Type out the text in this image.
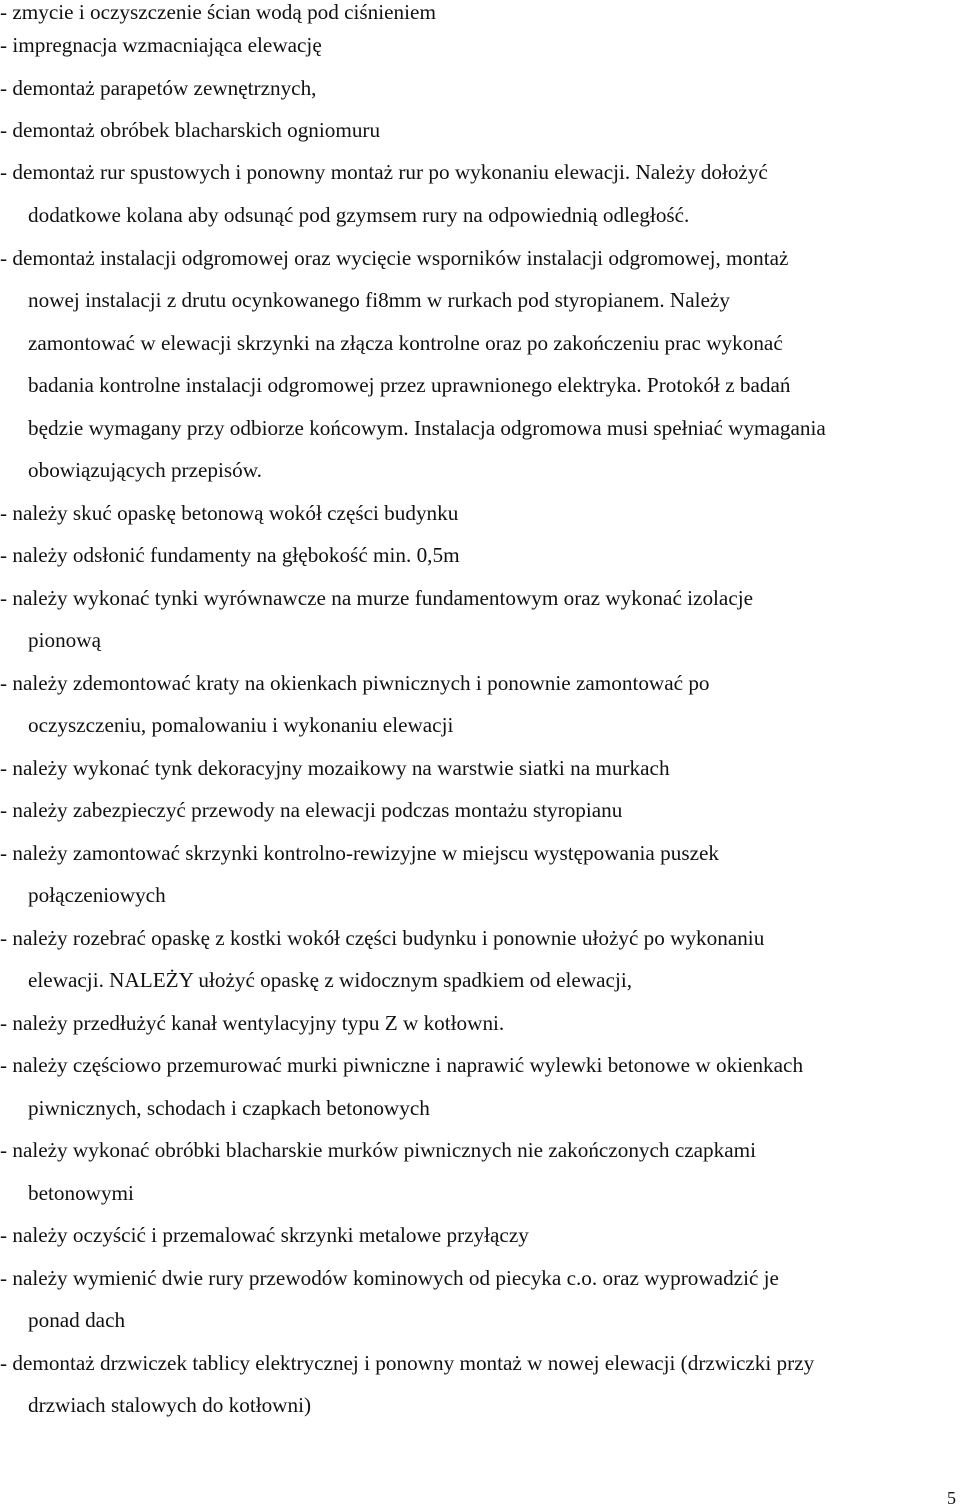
- zmycie i oczyszczenie ścian wodą pod ciśnieniem
- impregnacja wzmacniająca elewację
- demontaż parapetów zewnętrznych,
- demontaż obróbek blacharskich ogniomuru
- demontaż rur spustowych i ponowny montaż rur po wykonaniu elewacji. Należy dołożyć
dodatkowe kolana aby odsunąć pod gzymsem rury na odpowiednią odległość.
- demontaż instalacji odgromowej oraz wycięcie wsporników instalacji odgromowej, montaż
nowej instalacji z drutu ocynkowanego fi8mm w rurkach pod styropianem. Należy
zamontować w elewacji skrzynki na złącza kontrolne oraz po zakończeniu prac wykonać
badania kontrolne instalacji odgromowej przez uprawnionego elektryka. Protokół z badań
będzie wymagany przy odbiorze końcowym. Instalacja odgromowa musi spełniać wymagania
obowiązujących przepisów.
- należy skuć opaskę betonową wokół części budynku
- należy odsłonić fundamenty na głębokość min. 0,5m
- należy wykonać tynki wyrównawcze na murze fundamentowym oraz wykonać izolacje
pionową
- należy zdemontować kraty na okienkach piwnicznych i ponownie zamontować po
oczyszczeniu, pomalowaniu i wykonaniu elewacji
- należy wykonać tynk dekoracyjny mozaikowy na warstwie siatki na murkach
- należy zabezpieczyć przewody na elewacji podczas montażu styropianu
- należy zamontować skrzynki kontrolno-rewizyjne w miejscu występowania puszek
połączeniowych
- należy rozebrać opaskę z kostki wokół części budynku i ponownie ułożyć po wykonaniu
elewacji. NALEŻY ułożyć opaskę z widocznym spadkiem od elewacji,
- należy przedłużyć kanał wentylacyjny typu Z w kotłowni.
- należy częściowo przemurować murki piwniczne i naprawić wylewki betonowe w okienkach
piwnicznych, schodach i czapkach betonowych
- należy wykonać obróbki blacharskie murków piwnicznych nie zakończonych czapkami
betonowymi
- należy oczyścić i przemalować skrzynki metalowe przyłączy
- należy wymienić dwie rury przewodów kominowych od piecyka c.o. oraz wyprowadzić je
ponad dach
- demontaż drzwiczek tablicy elektrycznej i ponowny montaż w nowej elewacji (drzwiczki przy
drzwiach stalowych do kotłowni)
5
